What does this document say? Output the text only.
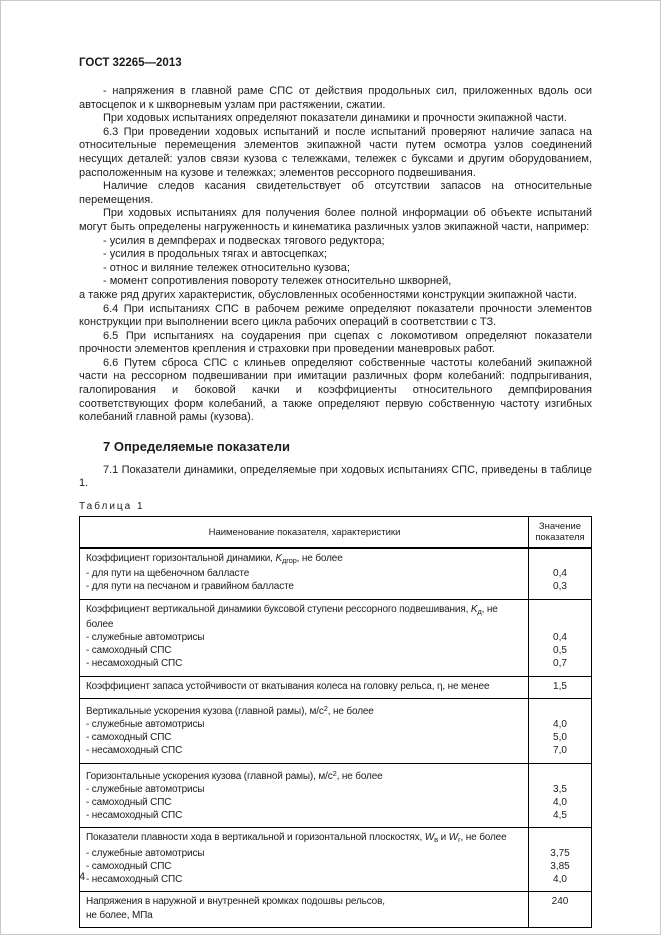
ГОСТ 32265—2013

- напряжения в главной раме СПС от действия продольных сил, приложенных вдоль оси автосцепок и к шкворневым узлам при растяжении, сжатии.

При ходовых испытаниях определяют показатели динамики и прочности экипажной части.

6.3 При проведении ходовых испытаний и после испытаний проверяют наличие запаса на относительные перемещения элементов экипажной части путем осмотра узлов соединений несущих деталей: узлов связи кузова с тележками, тележек с буксами и другим оборудованием, расположенным на кузове и тележках; элементов рессорного подвешивания.

Наличие следов касания свидетельствует об отсутствии запасов на относительные перемещения.

При ходовых испытаниях для получения более полной информации об объекте испытаний могут быть определены нагруженность и кинематика различных узлов экипажной части, например:

- усилия в демпферах и подвесках тягового редуктора;

- усилия в продольных тягах и автосцепках;

- относ и виляние тележек относительно кузова;

- момент сопротивления повороту тележек относительно шкворней,

а также ряд других характеристик, обусловленных особенностями конструкции экипажной части.

6.4 При испытаниях СПС в рабочем режиме определяют показатели прочности элементов конструкции при выполнении всего цикла рабочих операций в соответствии с ТЗ.

6.5 При испытаниях на соударения при сцепах с локомотивом определяют показатели прочности элементов крепления и страховки при проведении маневровых работ.

6.6 Путем сброса СПС с клиньев определяют собственные частоты колебаний экипажной части на рессорном подвешивании при имитации различных форм колебаний: подпрыгивания, галопирования и боковой качки и коэффициенты относительного демпфирования соответствующих форм колебаний, а также определяют первую собственную частоту изгибных колебаний главной рамы (кузова).

7 Определяемые показатели

7.1 Показатели динамики, определяемые при ходовых испытаниях СПС, приведены в таблице 1.

Таблица 1
Наименование показателя, характеристики	Значение показателя
Коэффициент горизонтальной динамики, $K_{дгор}$, не более
- для пути на щебеночном балласте	0,4
- для пути на песчаном и гравийном балласте	0,3
Коэффициент вертикальной динамики буксовой ступени рессорного подвешивания, $K_д$, не более
- служебные автомотрисы	0,4
- самоходный СПС	0,5
- несамоходный СПС	0,7
Коэффициент запаса устойчивости от вкатывания колеса на головку рельса, η, не менее	1,5
Вертикальные ускорения кузова (главной рамы), $м/с^2$, не более
- служебные автомотрисы	4,0
- самоходный СПС	5,0
- несамоходный СПС	7,0
Горизонтальные ускорения кузова (главной рамы), $м/с^2$, не более
- служебные автомотрисы	3,5
- самоходный СПС	4,0
- несамоходный СПС	4,5
Показатели плавности хода в вертикальной и горизонтальной плоскостях, $W_в$ и $W_г$, не более
- служебные автомотрисы	3,75
- самоходный СПС	3,85
- несамоходный СПС	4,0
Напряжения в наружной и внутренней кромках подошвы рельсов,	240
не более, МПа
4
